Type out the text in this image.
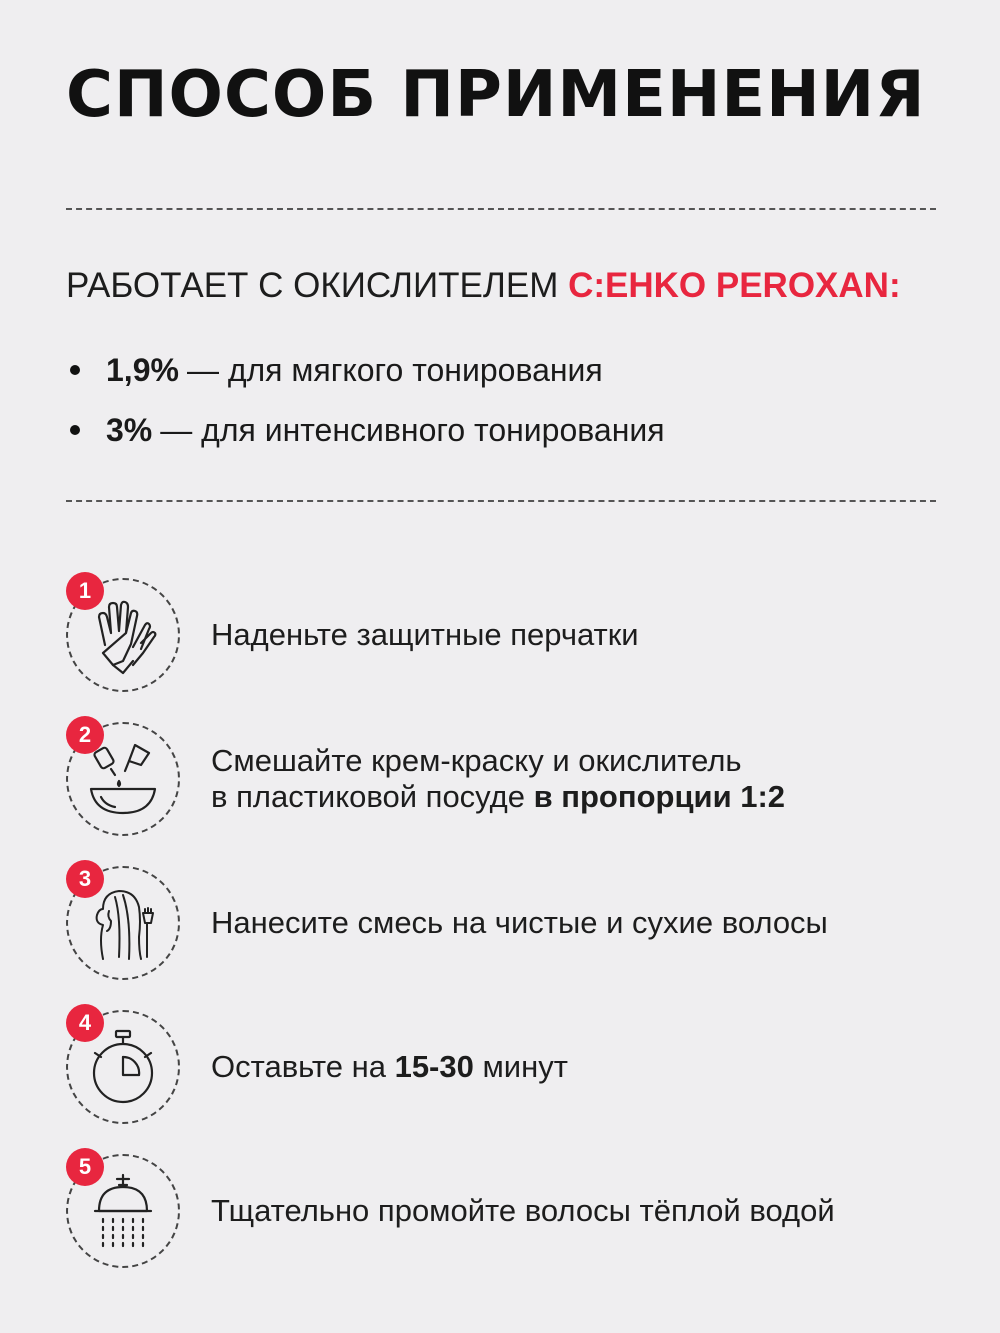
СПОСОБ ПРИМЕНЕНИЯ
РАБОТАЕТ С ОКИСЛИТЕЛЕМ C:EHKO PEROXAN:
1,9% — для мягкого тонирования
3% — для интенсивного тонирования
1
Наденьте защитные перчатки
2
Смешайте крем-краску и окислитель
в пластиковой посуде в пропорции 1:2
3
Нанесите смесь на чистые и сухие волосы
4
Оставьте на 15-30 минут
5
Тщательно промойте волосы тёплой водой
